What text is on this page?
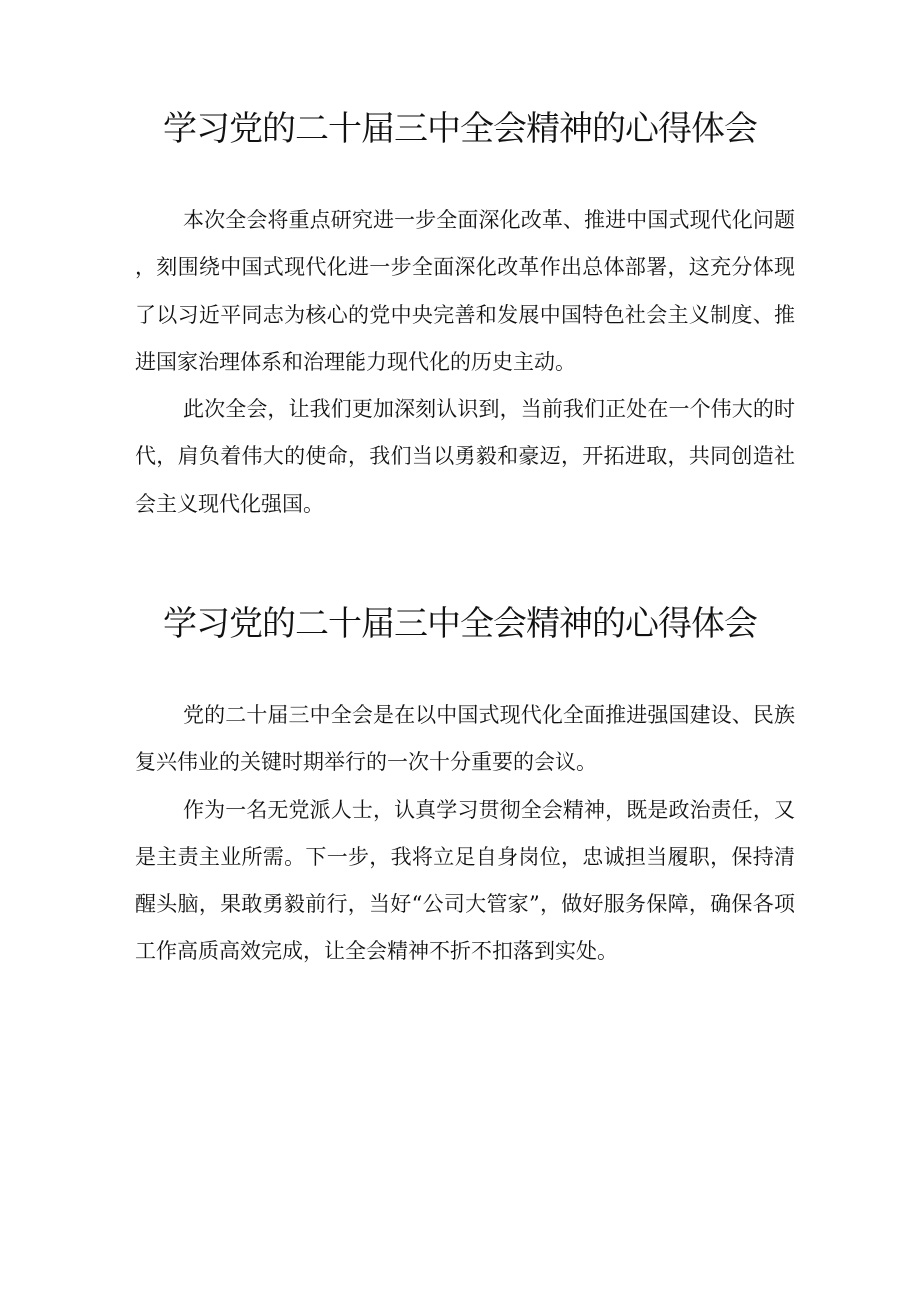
学习党的二十届三中全会精神的心得体会

本次全会将重点研究进一步全面深化改革、推进中国式现代化问题，刻围绕中国式现代化进一步全面深化改革作出总体部署，这充分体现了以习近平同志为核心的党中央完善和发展中国特色社会主义制度、推进国家治理体系和治理能力现代化的历史主动。

此次全会，让我们更加深刻认识到，当前我们正处在一个伟大的时代，肩负着伟大的使命，我们当以勇毅和豪迈，开拓进取，共同创造社会主义现代化强国。

学习党的二十届三中全会精神的心得体会

党的二十届三中全会是在以中国式现代化全面推进强国建设、民族复兴伟业的关键时期举行的一次十分重要的会议。

作为一名无党派人士，认真学习贯彻全会精神，既是政治责任，又是主责主业所需。下一步，我将立足自身岗位，忠诚担当履职，保持清醒头脑，果敢勇毅前行，当好“公司大管家”，做好服务保障，确保各项工作高质高效完成，让全会精神不折不扣落到实处。
